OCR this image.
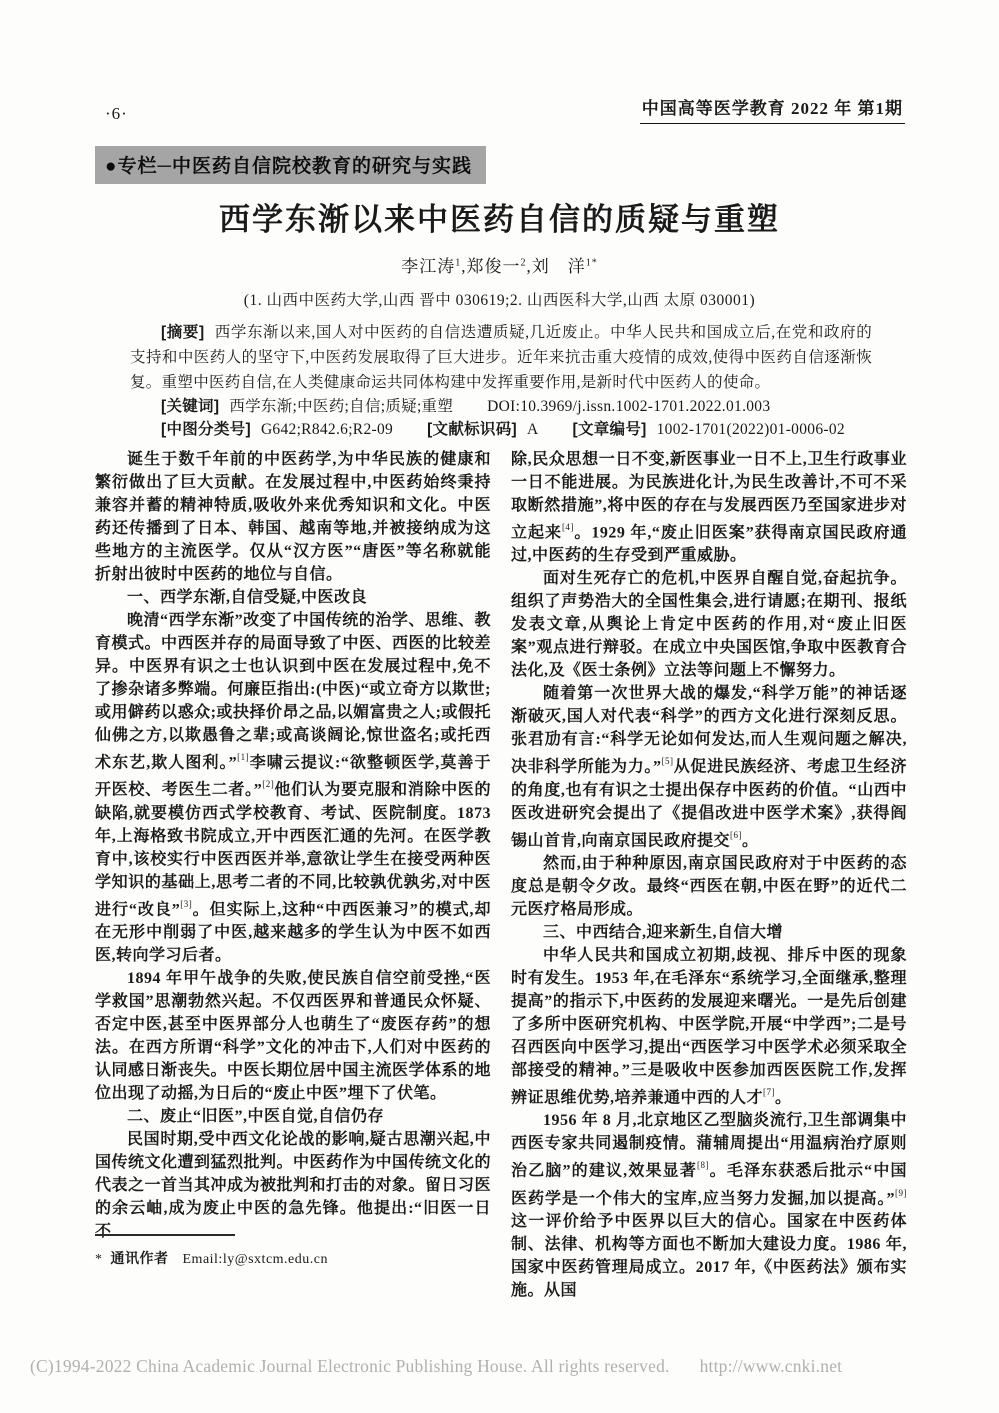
·6·	中国高等医学教育 2022 年 第1期
●专栏─中医药自信院校教育的研究与实践
西学东渐以来中医药自信的质疑与重塑
李江涛$^1$,郑俊一$^2$,刘　洋$^{1*}$
(1. 山西中医药大学,山西 晋中 030619;2. 山西医科大学,山西 太原 030001)

[摘要] 西学东渐以来,国人对中医药的自信迭遭质疑,几近废止。中华人民共和国成立后,在党和政府的支持和中医药人的坚守下,中医药发展取得了巨大进步。近年来抗击重大疫情的成效,使得中医药自信逐渐恢复。重塑中医药自信,在人类健康命运共同体构建中发挥重要作用,是新时代中医药人的使命。

[关键词] 西学东渐;中医药;自信;质疑;重塑 DOI:10.3969/j.issn.1002-1701.2022.01.003

[中图分类号] G642;R842.6;R2-09 [文献标识码] A [文章编号] 1002-1701(2022)01-0006-02

诞生于数千年前的中医药学,为中华民族的健康和繁衍做出了巨大贡献。在发展过程中,中医药始终秉持兼容并蓄的精神特质,吸收外来优秀知识和文化。中医药还传播到了日本、韩国、越南等地,并被接纳成为这些地方的主流医学。仅从“汉方医”“唐医”等名称就能折射出彼时中医药的地位与自信。

一、西学东渐,自信受疑,中医改良

晚清“西学东渐”改变了中国传统的治学、思维、教育模式。中西医并存的局面导致了中医、西医的比较差异。中医界有识之士也认识到中医在发展过程中,免不了掺杂诸多弊端。何廉臣指出:(中医)“或立奇方以欺世;或用僻药以惑众;或抉择价昂之品,以媚富贵之人;或假托仙佛之方,以欺愚鲁之辈;或高谈阔论,惊世盗名;或托西术东艺,欺人图利。”[1]李啸云提议:“欲整顿医学,莫善于开医校、考医生二者。”[2]他们认为要克服和消除中医的缺陷,就要模仿西式学校教育、考试、医院制度。1873 年,上海格致书院成立,开中西医汇通的先河。在医学教育中,该校实行中医西医并举,意欲让学生在接受两种医学知识的基础上,思考二者的不同,比较孰优孰劣,对中医进行“改良”[3]。但实际上,这种“中西医兼习”的模式,却在无形中削弱了中医,越来越多的学生认为中医不如西医,转向学习后者。

1894 年甲午战争的失败,使民族自信空前受挫,“医学救国”思潮勃然兴起。不仅西医界和普通民众怀疑、否定中医,甚至中医界部分人也萌生了“废医存药”的想法。在西方所谓“科学”文化的冲击下,人们对中医药的认同感日渐丧失。中医长期位居中国主流医学体系的地位出现了动摇,为日后的“废止中医”埋下了伏笔。

二、废止“旧医”,中医自觉,自信仍存

民国时期,受中西文化论战的影响,疑古思潮兴起,中国传统文化遭到猛烈批判。中医药作为中国传统文化的代表之一首当其冲成为被批判和打击的对象。留日习医的余云岫,成为废止中医的急先锋。他提出:“旧医一日不

除,民众思想一日不变,新医事业一日不上,卫生行政事业一日不能进展。为民族进化计,为民生改善计,不可不采取断然措施”,将中医的存在与发展西医乃至国家进步对立起来[4]。1929 年,“废止旧医案”获得南京国民政府通过,中医药的生存受到严重威胁。

面对生死存亡的危机,中医界自醒自觉,奋起抗争。组织了声势浩大的全国性集会,进行请愿;在期刊、报纸发表文章,从舆论上肯定中医药的作用,对“废止旧医案”观点进行辩驳。在成立中央国医馆,争取中医教育合法化,及《医士条例》立法等问题上不懈努力。

随着第一次世界大战的爆发,“科学万能”的神话逐渐破灭,国人对代表“科学”的西方文化进行深刻反思。张君劢有言:“科学无论如何发达,而人生观问题之解决,决非科学所能为力。”[5]从促进民族经济、考虑卫生经济的角度,也有有识之士提出保存中医药的价值。“山西中医改进研究会提出了《提倡改进中医学术案》,获得阎锡山首肯,向南京国民政府提交[6]。

然而,由于种种原因,南京国民政府对于中医药的态度总是朝令夕改。最终“西医在朝,中医在野”的近代二元医疗格局形成。

三、中西结合,迎来新生,自信大增

中华人民共和国成立初期,歧视、排斥中医的现象时有发生。1953 年,在毛泽东“系统学习,全面继承,整理提高”的指示下,中医药的发展迎来曙光。一是先后创建了多所中医研究机构、中医学院,开展“中学西”;二是号召西医向中医学习,提出“西医学习中医学术必须采取全部接受的精神。”三是吸收中医参加西医医院工作,发挥辨证思维优势,培养兼通中西的人才[7]。

1956 年 8 月,北京地区乙型脑炎流行,卫生部调集中西医专家共同遏制疫情。蒲辅周提出“用温病治疗原则治乙脑”的建议,效果显著[8]。毛泽东获悉后批示“中国医药学是一个伟大的宝库,应当努力发掘,加以提高。”[9]这一评价给予中医界以巨大的信心。国家在中医药体制、法律、机构等方面也不断加大建设力度。1986 年,国家中医药管理局成立。2017 年,《中医药法》颁布实施。从国

* 通讯作者 Email:ly@sxtcm.edu.cn
(C)1994-2022 China Academic Journal Electronic Publishing House. All rights reserved. http://www.cnki.net
